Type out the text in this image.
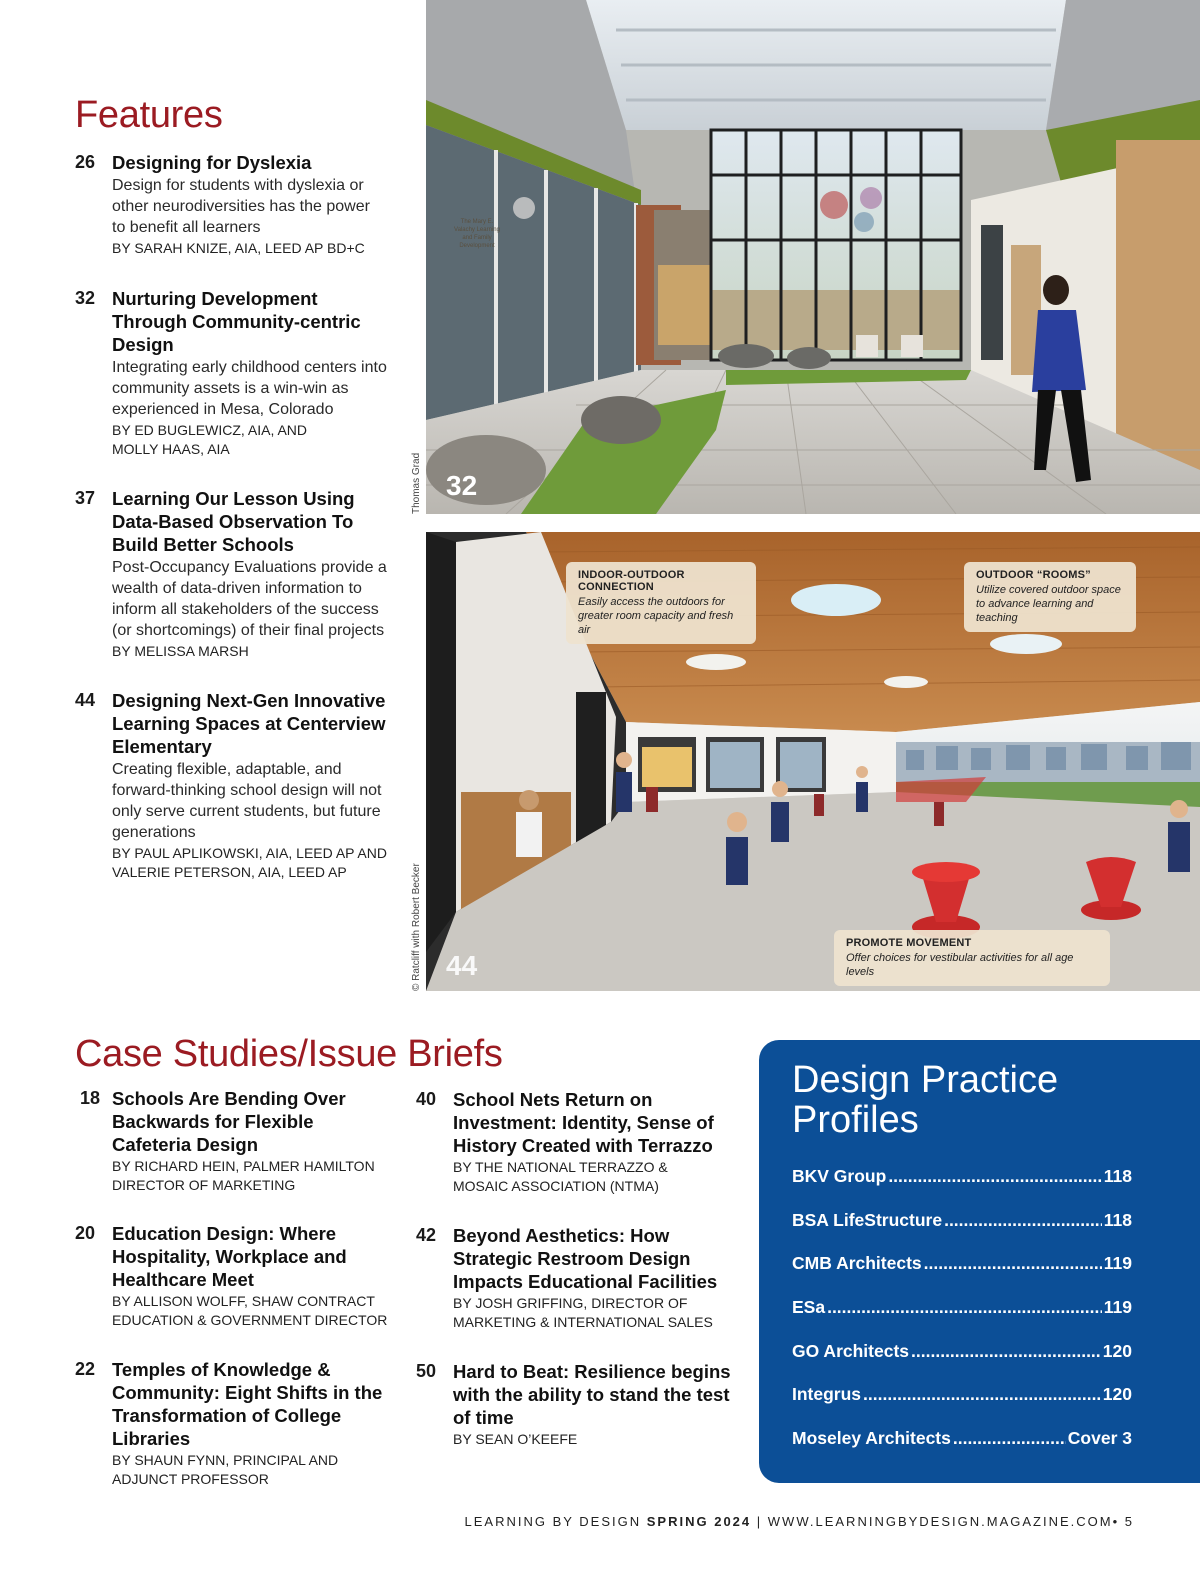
Features
26 Designing for Dyslexia
Design for students with dyslexia or other neurodiversities has the power to benefit all learners
BY SARAH KNIZE, AIA, LEED AP BD+C
32 Nurturing Development Through Community-centric Design
Integrating early childhood centers into community assets is a win-win as experienced in Mesa, Colorado
BY ED BUGLEWICZ, AIA, AND MOLLY HAAS, AIA
37 Learning Our Lesson Using Data-Based Observation To Build Better Schools
Post-Occupancy Evaluations provide a wealth of data-driven information to inform all stakeholders of the success (or shortcomings) of their final projects
BY MELISSA MARSH
44 Designing Next-Gen Innovative Learning Spaces at Centerview Elementary
Creating flexible, adaptable, and forward-thinking school design will not only serve current students, but future generations
BY PAUL APLIKOWSKI, AIA, LEED AP AND VALERIE PETERSON, AIA, LEED AP
32
Thomas Grad
INDOOR-OUTDOOR CONNECTION
Easily access the outdoors for greater room capacity and fresh air
OUTDOOR “ROOMS”
Utilize covered outdoor space to advance learning and teaching
PROMOTE MOVEMENT
Offer choices for vestibular activities for all age levels
44
© Ratcliff with Robert Becker
Case Studies/Issue Briefs
18 Schools Are Bending Over Backwards for Flexible Cafeteria Design
BY RICHARD HEIN, PALMER HAMILTON DIRECTOR OF MARKETING
20 Education Design: Where Hospitality, Workplace and Healthcare Meet
BY ALLISON WOLFF, SHAW CONTRACT EDUCATION & GOVERNMENT DIRECTOR
22 Temples of Knowledge & Community: Eight Shifts in the Transformation of College Libraries
BY SHAUN FYNN, PRINCIPAL AND ADJUNCT PROFESSOR
40 School Nets Return on Investment: Identity, Sense of History Created with Terrazzo
BY THE NATIONAL TERRAZZO & MOSAIC ASSOCIATION (NTMA)
42 Beyond Aesthetics: How Strategic Restroom Design Impacts Educational Facilities
BY JOSH GRIFFING, DIRECTOR OF MARKETING & INTERNATIONAL SALES
50 Hard to Beat: Resilience begins with the ability to stand the test of time
BY SEAN O’KEEFE
Design Practice Profiles
BKV Group .....	118
BSA LifeStructure .....	118
CMB Architects .....	119
ESa .....	119
GO Architects .....	120
Integrus .....	120
Moseley Architects .....	Cover 3
LEARNING BY DESIGN SPRING 2024 | WWW.LEARNINGBYDESIGN.MAGAZINE.COM• 5
The Mary E. Valachy Learning and Family Development
